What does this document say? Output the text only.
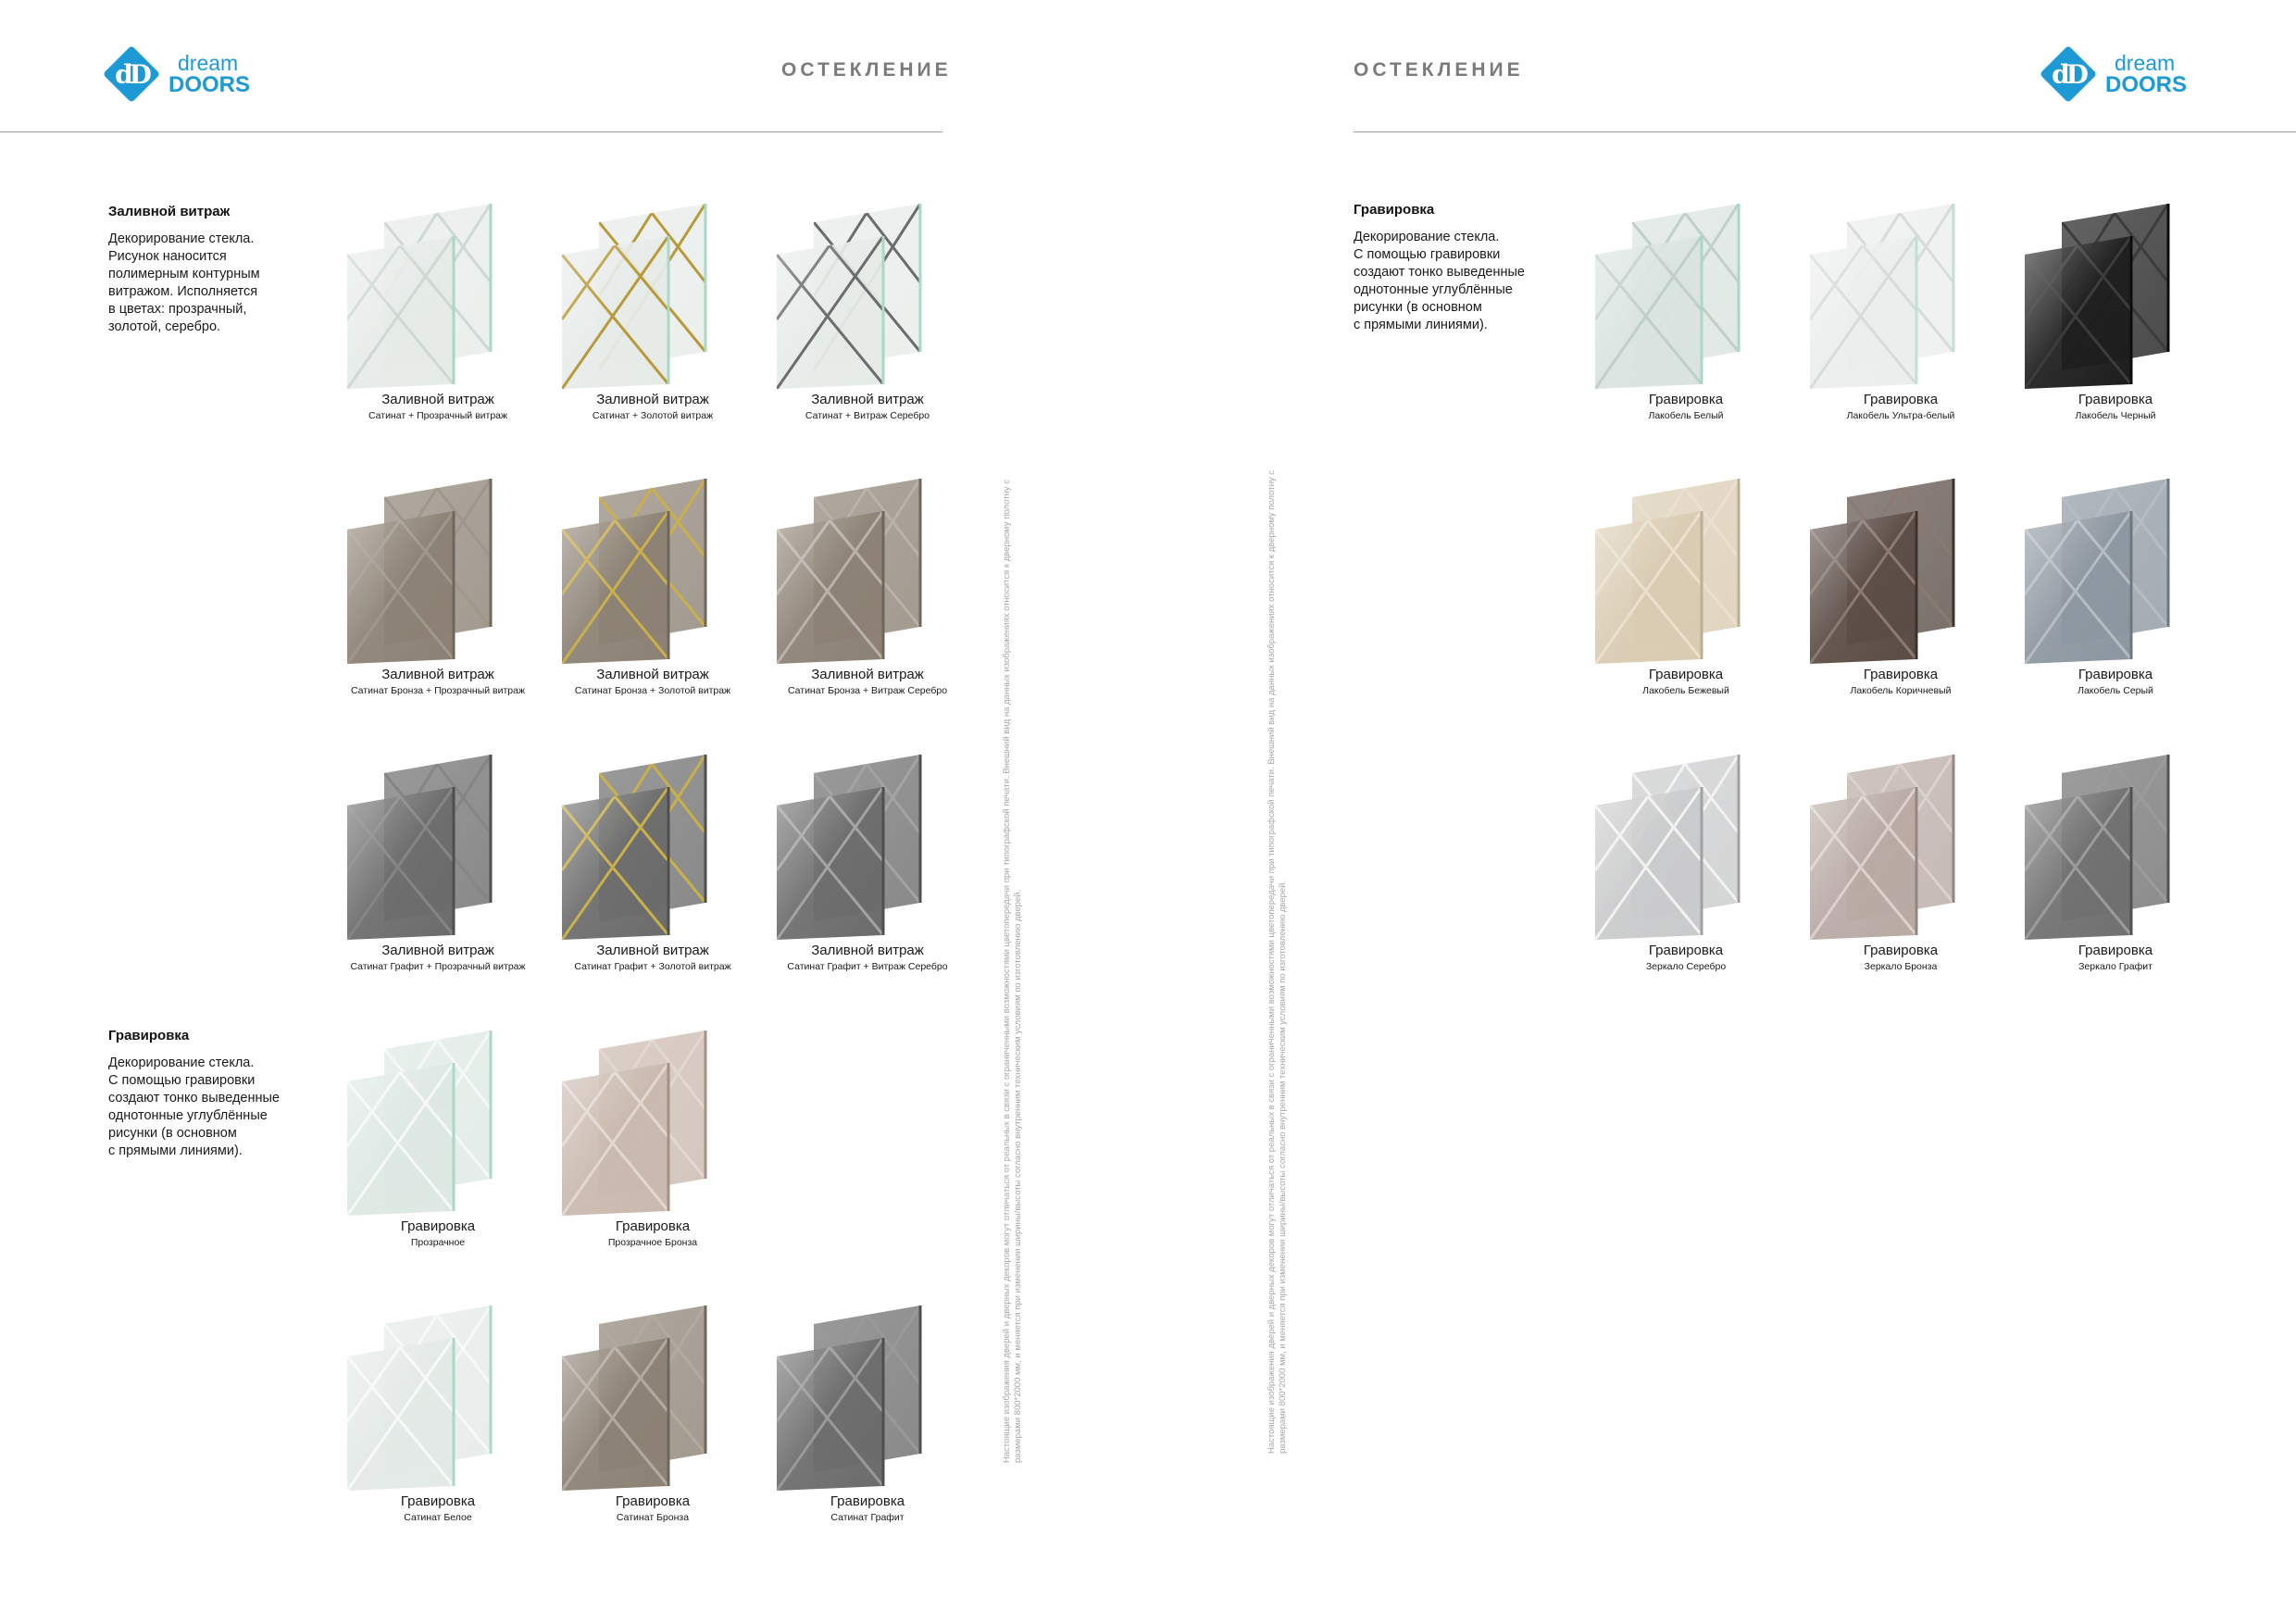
dD	dream
DOORS
ОСТЕКЛЕНИЕ

Заливной витраж

Декорирование стекла.
Рисунок наносится
полимерным контурным
витражом. Исполняется
в цветах: прозрачный,
золотой, серебро.

Гравировка

Декорирование стекла.
С помощью гравировки
создают тонко выведенные
однотонные углублённые
рисунки (в основном
с прямыми линиями).

Заливной витраж
Сатинат + Прозрачный витраж
Заливной витраж
Сатинат + Золотой витраж
Заливной витраж
Сатинат + Витраж Серебро
Заливной витраж
Сатинат Бронза + Прозрачный витраж
Заливной витраж
Сатинат Бронза + Золотой витраж
Заливной витраж
Сатинат Бронза + Витраж Серебро
Заливной витраж
Сатинат Графит + Прозрачный витраж
Заливной витраж
Сатинат Графит + Золотой витраж
Заливной витраж
Сатинат Графит + Витраж Серебро
Гравировка
Прозрачное
Гравировка
Прозрачное Бронза
Гравировка
Сатинат Белое
Гравировка
Сатинат Бронза
Гравировка
Сатинат Графит
Настоящие изображения дверей и дверных декоров могут отличаться от реальных в связи с ограниченными возможностями цветопередачи при типографской печати. Внешний вид на данных изображениях относится к дверному полотну с размерами 800*2000 мм, и меняется при изменении ширины/высоты согласно внутренним техническим условиям по изготовлению дверей.
dD	dream
DOORS
ОСТЕКЛЕНИЕ

Гравировка

Декорирование стекла.
С помощью гравировки
создают тонко выведенные
однотонные углублённые
рисунки (в основном
с прямыми линиями).

Гравировка
Лакобель Белый
Гравировка
Лакобель Ультра-белый
Гравировка
Лакобель Черный
Гравировка
Лакобель Бежевый
Гравировка
Лакобель Коричневый
Гравировка
Лакобель Серый
Гравировка
Зеркало Серебро
Гравировка
Зеркало Бронза
Гравировка
Зеркало Графит
Настоящие изображения дверей и дверных декоров могут отличаться от реальных в связи с ограниченными возможностями цветопередачи при типографской печати. Внешний вид на данных изображениях относится к дверному полотну с размерами 800*2000 мм, и меняется при изменении ширины/высоты согласно внутренним техническим условиям по изготовлению дверей.
